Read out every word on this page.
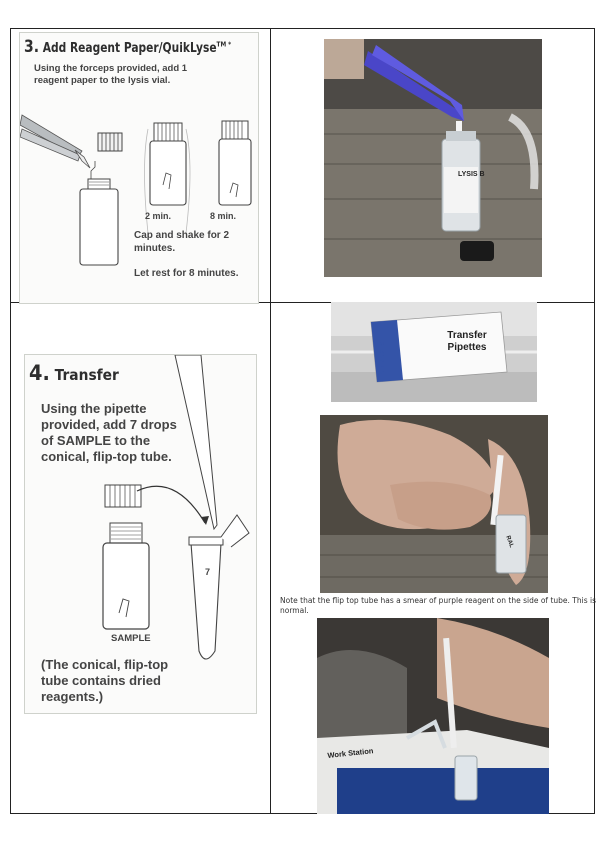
3. Add Reagent Paper/QuikLyse$^{TM *}$
Using the forceps provided, add 1 reagent paper to the lysis vial.
2 min.	8 min.
Cap and shake for 2 minutes.
Let rest for 8 minutes.
4. Transfer
Using the pipette provided, add 7 drops of SAMPLE to the conical, flip-top tube.
7
SAMPLE
(The conical, flip-top tube contains dried reagents.)
LYSIS B
Transfer Pipettes
ABRAXIS
RAL
Note that the flip top tube has a smear of purple reagent on the side of tube. This is normal.
Work Station
